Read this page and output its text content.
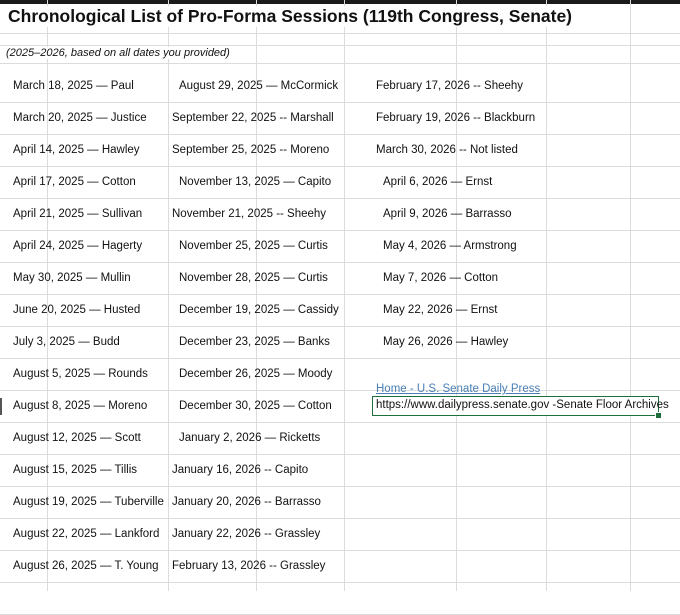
Chronological List of Pro-Forma Sessions (119th Congress, Senate)
(2025–2026, based on all dates you provided)
March 18, 2025 — Paul
March 20, 2025 — Justice
April 14, 2025 — Hawley
April 17, 2025 — Cotton
April 21, 2025 — Sullivan
April 24, 2025 — Hagerty
May 30, 2025 — Mullin
June 20, 2025 — Husted
July 3, 2025 — Budd
August 5, 2025 — Rounds
August 8, 2025 — Moreno
August 12, 2025 — Scott
August 15, 2025 — Tillis
August 19, 2025 — Tuberville
August 22, 2025 — Lankford
August 26, 2025 — T. Young
August 29, 2025 — McCormick
September 22, 2025 -- Marshall
September 25, 2025 -- Moreno
November 13, 2025 — Capito
November 21, 2025 -- Sheehy
November 25, 2025 — Curtis
November 28, 2025 — Curtis
December 19, 2025 — Cassidy
December 23, 2025 — Banks
December 26, 2025 — Moody
December 30, 2025 — Cotton
January 2, 2026 — Ricketts
January 16, 2026 -- Capito
January 20, 2026 -- Barrasso
January 22, 2026 -- Grassley
February 13, 2026 -- Grassley
February 17, 2026 -- Sheehy
February 19, 2026 -- Blackburn
March 30, 2026 -- Not listed
April 6, 2026 — Ernst
April 9, 2026 — Barrasso
May 4, 2026 — Armstrong
May 7, 2026 — Cotton
May 22, 2026 — Ernst
May 26, 2026 — Hawley
Home - U.S. Senate Daily Press
https://www.dailypress.senate.gov -Senate Floor Archives
